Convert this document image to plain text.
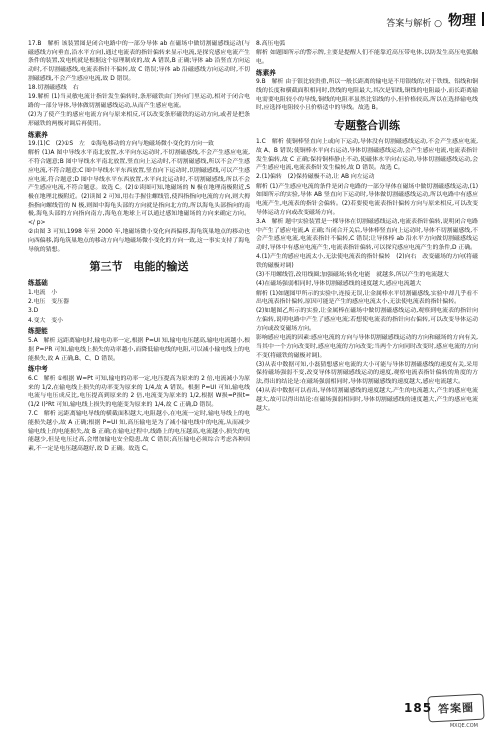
答案与解析 ○ 物理
17.B　解析 该装置图是闭合电路中的一部分导体 ab 在磁场中做切割磁感线运动(与磁感线方向垂直,沿水平方向),通过电流表的指针偏转来显示电流,是探究感应电流产生条件的装置,发电机就是根据这个原理制成的,故 A 错误,B 正确;导体 ab 沿竖直方向运动时,不切割磁感线,电流表指针不偏转,故 C 错误;导体 ab 沿磁感线方向运动时,不切割磁感线,不会产生感应电流,故 D 错误。
18.切割磁感线　右
19.解析 (1)当灵敏电流计指针发生偏转时,条形磁铁由门外向门里运动,相对于闭合电路的一部分导体,导体做切割磁感线运动,从而产生感应电流。
(2)为了使产生的感应电流方向与原来相反,可以改变条形磁铁的运动方向,或者是把条形磁铁的两极对调后再使用。
练素养
19.(1)C　(2)①S　左　②海龟移动的方向与地磁场微小变化的方向一致
解析 (1)A 图中导线水平南北放置,水平向东运动时,不切割磁感线,不会产生感应电流,不符合题意;B 图中导线水平南北放置,竖直向上运动时,不切割磁感线,所以不会产生感应电流,不符合题意;C 图中导线水平东西放置,竖直向下运动时,切割磁感线,可以产生感应电流,符合题意;D 图中导线水平东西放置,水平向北运动时,不切割磁感线,所以不会产生感应电流,不符合题意。故选 C。(2)①读图可知,地磁场的 N 极在地理南极附近,S 极在地理北极附近。(2)读图 2 可知,用右手握住螺线管,使四指指向电流的方向,则大拇指指向螺线管的 N 极,则图中海龟头部的方向就是指向北方的,所以海龟头部指向的南极,海龟头部的方向指向南方,海龟在地球上可以通过感知地磁场的方向来确定方向。</ p>
②由图 3 可知,1998 年至 2000 年,地磁场微小变化向西偏移,海龟筑巢地点的移动也向西偏移,海龟筑巢地点的移动方向与地磁场微小变化的方向一致,这一事实支持了海龟导航的猜想。
第三节　电能的输送
练基础
1.电流　小
2.电压　变压器
3.D
4.变大　变小
练提能
5.A　解析 远距离输电时,输电功率一定,根据 P=UI 知,输电电压越高,输电电流越小,根据 P=I²R 可知,输电线上损失的功率越小,而降低输电线的电阻,可以减小输电线上的电能损失,故 A 正确,B、C、D 错误。
练中考
6.C　解析 ①根据 W=Pt 可知,输电的功率一定,电压提高为原来的 2 倍,电流减小为原来的 1/2,在输电线上损失的功率变为原来的 1/4,故 A 错误。根据 P=UI 可知,输电线电流与电压成反比,电压提高到原来的 2 倍,电流变为原来的 1/2,根据 W损=P损t=(1/2 I)²Rt 可知,输电线上损失的电能变为原来的 1/4,故 C 正确,D 错误。
7.C　解析 远距离输电导线的横截面积越大,电阻越小,在电流一定时,输电导线上的电能损失越小,故 A 正确;根据 P=UI 知,高压输电是为了减小输电线中的电流,从而减少输电线上的电能损失,故 B 正确;在输电过程中,线路上的电压越高,电流越小,损失的电能越少,但是电压过高,会增加输电安全隐患,故 C 错误;高压输电必须综合考虑各种因素,不一定是电压越高越好,故 D 正确。故选 C。
8.高压电弧
解析 如题图所示的警示牌,主要是提醒人们不能靠近高压带电体,以防发生高压电弧触电。
练素养
9.B　解析 由于银比较贵重,所以一般长距离的输电是不用银线的;对于铁线、铝线和铜线的长度和横截面积相同时,铁线的电阻最大,其次是铝线,铜线的电阻最小,而长距离输电需要电阻较小的导线,铜线的电阻率虽然比铝线的小,但价格较高,所以在选择输电线时,应选择电阻较小且价格适中的导线。故选 B。
专题整合训练
1.C　解析 使铜棒竖直向上或向下运动,导体没有切割磁感线运动,不会产生感应电流,故 A、B 错误;使铜棒水平向右运动,导体切割磁感线运动,会产生感应电流,电流表指针发生偏转,故 C 正确;保持铜棒静止不动,使磁体水平向右运动,导体切割磁感线运动,会产生感应电流,电流表指针发生偏转,故 D 错误。故选 C。
2.(1)偏转　(2)保持磁极不动,让 AB 向左运动
解析 (1)产生感应电流的条件是闭合电路的一部分导体在磁场中做切割磁感线运动,(1)如图所示的实验,导体 AB 竖直向下运动时,导体做切割磁感线运动,所以电路中有感应电流产生,电流表的指针会偏转。(2)若要使电流表指针偏转方向与原来相反,可以改变导体运动方向或改变磁场方向。
3.A　解析 题中实验装置是一棵导体在切割磁感线运动,电流表指针偏转,说明闭合电路中产生了感应电流,A 正确;当闭合开关后,导体棒竖直向上运动时,导体不切割磁感线,不会产生感应电流,电流表指针不偏转,C 错误;让导体棒 ab 沿水平方向做切割磁感线运动时,导体中有感应电流产生,电流表指针偏转,可以探究感应电流产生的条件,D 正确。
4.(1)产生的感应电流太小,无法使电流表的指针偏转　(2)向右　改变磁场的方向(将磁铁的磁极对调)
(3)不用螺线管,改用线圈;加强磁场;转化电能　就越多,所以产生的电流越大
(4)在磁场强弱相同时,导体切割磁感线的速度越大,感应电流越大
解析 (1)如题图甲所示的实验中,连接无误,让金属棒水平切割磁感线,实验中却几乎看不出电流表指针偏转,原因可能是产生的感应电流太小,无法使电流表的指针偏转。
(2)如题图乙所示的实验,让金属棒在磁场中做切割磁感线运动,观察到电流表的指针向左偏转,说明电路中产生了感应电流;若想使电流表的指针向右偏转,可以改变导体运动方向或改变磁场方向。
影响感应电流的因素:感应电流的方向与导体切割磁感线运动的方向和磁场的方向有关,当其中一个方向改变时,感应电流的方向改变;当两个方向同时改变时,感应电流的方向不变(将磁铁的磁极对调)。
(3)从表中数据可知,小磊猜想感应电流的大小可能与导体切割磁感线的速度有关,采用保持磁场强弱不变,改变导体切割磁感线运动的速度,观察电流表指针偏转的角度的方法,得出的结论是:在磁场强弱相同时,导体切割磁感线的速度越大,感应电流越大。
(4)从表中数据可以看出,导体切割磁感线的速度越大,产生的电流越大,产生的感应电流越大,故可以得出结论:在磁场强弱相同时,导体切割磁感线的速度越大,产生的感应电流越大。
185 答案圈
MXQE.COM
